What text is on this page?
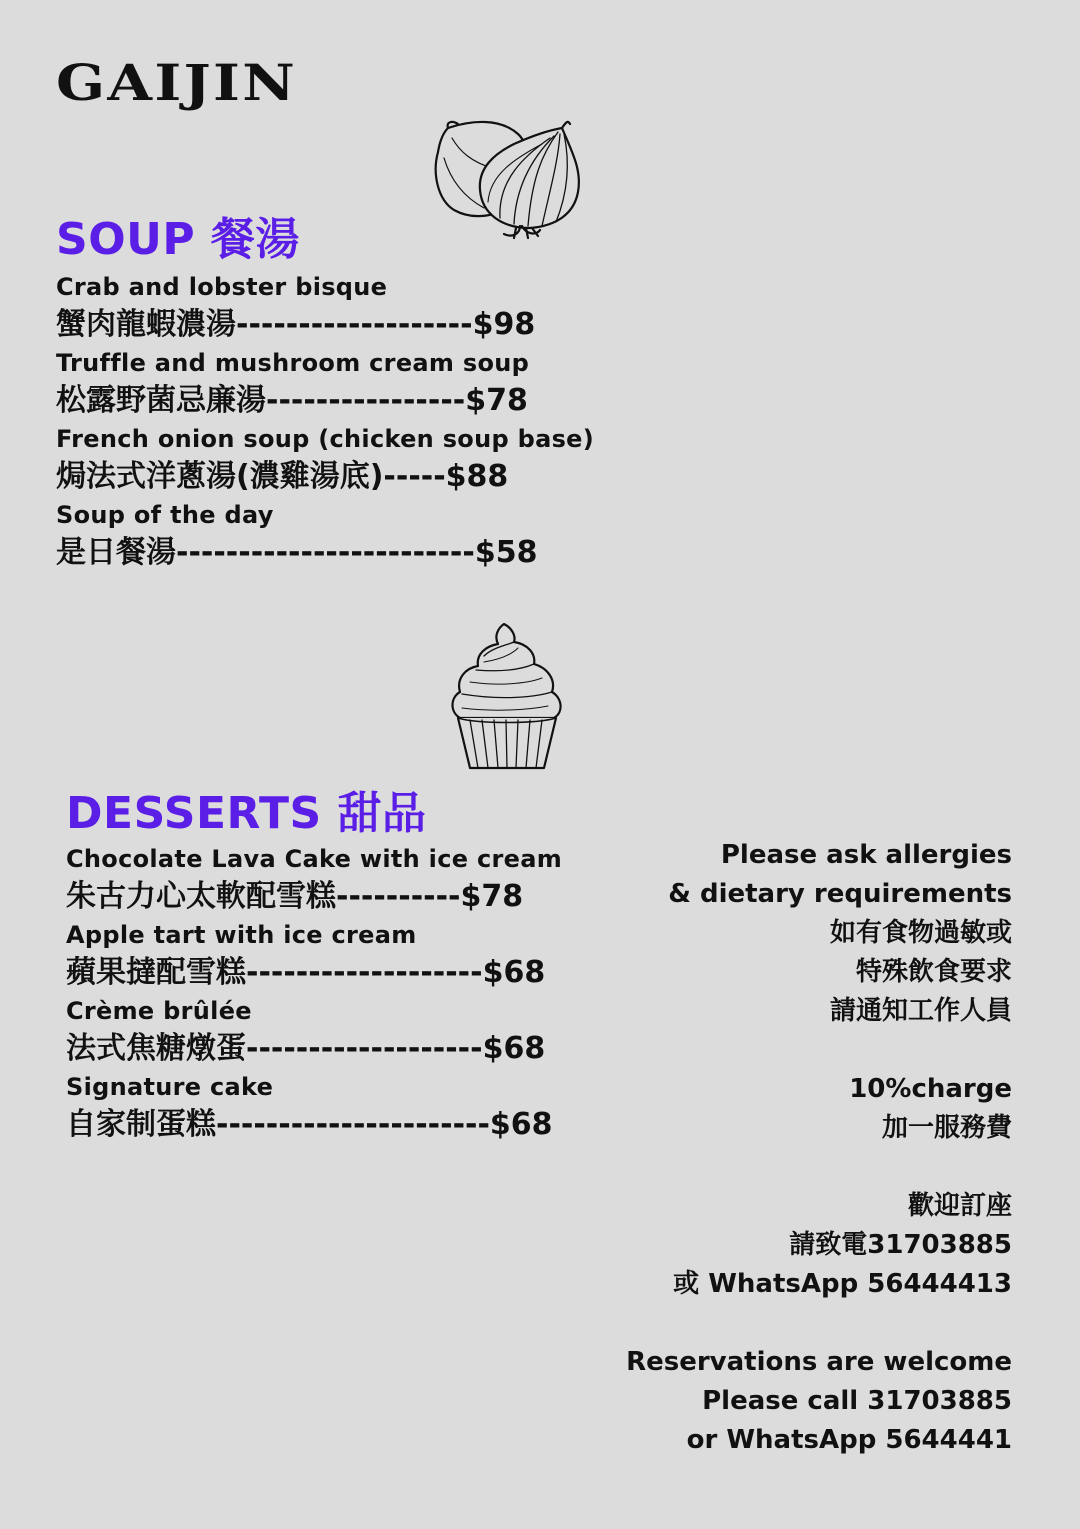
GAIJIN
SOUP 餐湯
Crab and lobster bisque
蟹肉龍蝦濃湯-------------------$98
Truffle and mushroom cream soup
松露野菌忌廉湯----------------$78
French onion soup (chicken soup base)
焗法式洋蔥湯(濃雞湯底)-----$88
Soup of the day
是日餐湯------------------------$58
DESSERTS 甜品
Chocolate Lava Cake with ice cream
朱古力心太軟配雪糕----------$78
Apple tart with ice cream
蘋果撻配雪糕-------------------$68
Crème brûlée
法式焦糖燉蛋-------------------$68
Signature cake
自家制蛋糕----------------------$68
Please ask allergies
& dietary requirements
如有食物過敏或
特殊飲食要求
請通知工作人員
10%charge
加一服務費
歡迎訂座
請致電31703885
或 WhatsApp 56444413
Reservations are welcome
Please call 31703885
or WhatsApp 5644441
